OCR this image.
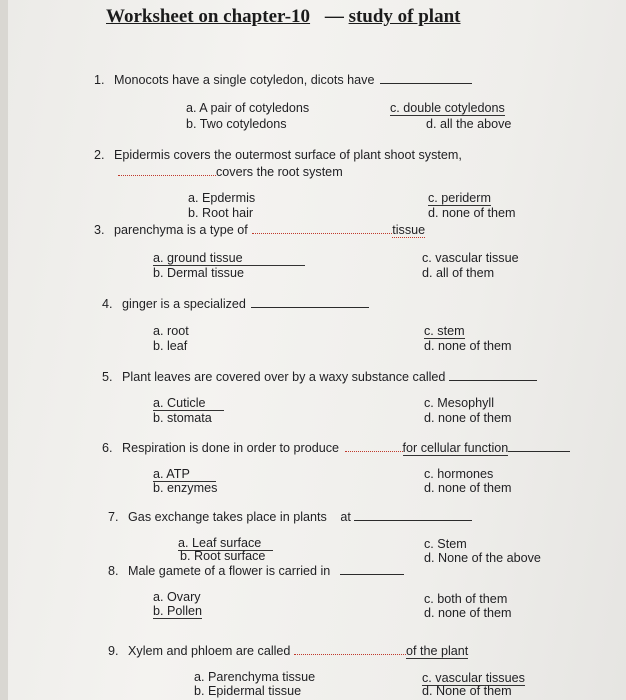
Worksheet on chapter-10 — study of plant
1. Monocots have a single cotyledon, dicots have
a. A pair of cotyledons
b. Two cotyledons
c. double cotyledons
d. all the above
2. Epidermis covers the outermost surface of plant shoot system,
covers the root system
a. Epdermis
b. Root hair
c. periderm
d. none of them
3. parenchyma is a type of	tissue
a. ground tissue
b. Dermal tissue
c. vascular tissue
d. all of them
4. ginger is a specialized
a. root
b. leaf
c. stem
d. none of them
5. Plant leaves are covered over by a waxy substance called
a. Cuticle
b. stomata
c. Mesophyll
d. none of them
6. Respiration is done in order to produce	for cellular function
a. ATP
b. enzymes
c. hormones
d. none of them
7. Gas exchange takes place in plants at
a. Leaf surface
b. Root surface
c. Stem
d. None of the above
8. Male gamete of a flower is carried in
a. Ovary
b. Pollen
c. both of them
d. none of them
9. Xylem and phloem are called	of the plant
a. Parenchyma tissue
b. Epidermal tissue
c. vascular tissues
d. None of them
